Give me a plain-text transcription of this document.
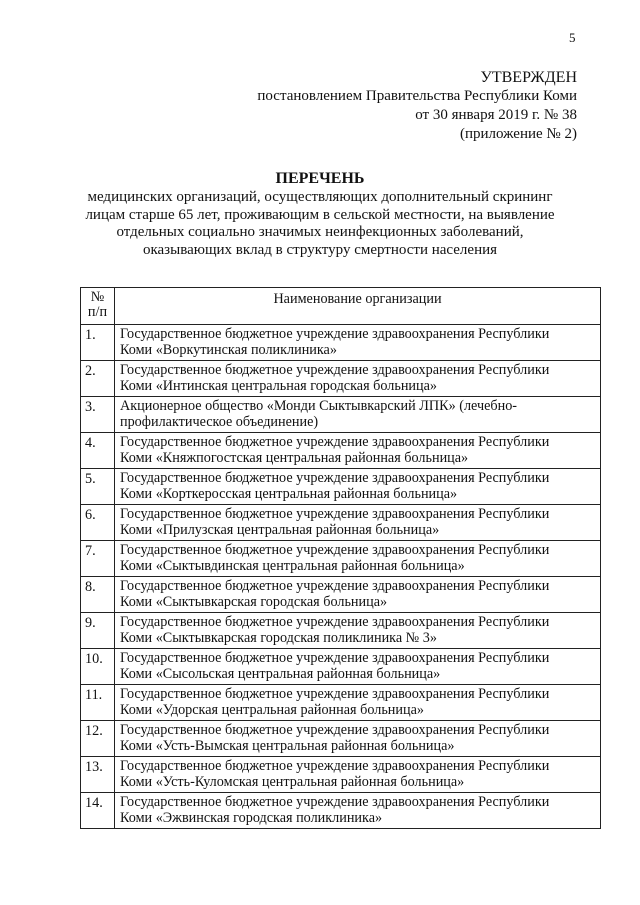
5
УТВЕРЖДЕН
постановлением Правительства Республики Коми
от 30 января 2019 г. № 38
(приложение № 2)
ПЕРЕЧЕНЬ
медицинских организаций, осуществляющих дополнительный скрининг
лицам старше 65 лет, проживающим в сельской местности, на выявление
отдельных социально значимых неинфекционных заболеваний,
оказывающих вклад в структуру смертности населения
№
п/п	Наименование организации
1.	Государственное бюджетное учреждение здравоохранения Республики
Коми «Воркутинская поликлиника»

2.	Государственное бюджетное учреждение здравоохранения Республики
Коми «Интинская центральная городская больница»

3.	Акционерное общество «Монди Сыктывкарский ЛПК» (лечебно-
профилактическое объединение)

4.	Государственное бюджетное учреждение здравоохранения Республики
Коми «Княжпогостская центральная районная больница»

5.	Государственное бюджетное учреждение здравоохранения Республики
Коми «Корткеросская центральная районная больница»

6.	Государственное бюджетное учреждение здравоохранения Республики
Коми «Прилузская центральная районная больница»

7.	Государственное бюджетное учреждение здравоохранения Республики
Коми «Сыктывдинская центральная районная больница»

8.	Государственное бюджетное учреждение здравоохранения Республики
Коми «Сыктывкарская городская больница»

9.	Государственное бюджетное учреждение здравоохранения Республики
Коми «Сыктывкарская городская поликлиника № 3»

10.	Государственное бюджетное учреждение здравоохранения Республики
Коми «Сысольская центральная районная больница»

11.	Государственное бюджетное учреждение здравоохранения Республики
Коми «Удорская центральная районная больница»

12.	Государственное бюджетное учреждение здравоохранения Республики
Коми «Усть-Вымская центральная районная больница»

13.	Государственное бюджетное учреждение здравоохранения Республики
Коми «Усть-Куломская центральная районная больница»

14.	Государственное бюджетное учреждение здравоохранения Республики
Коми «Эжвинская городская поликлиника»
